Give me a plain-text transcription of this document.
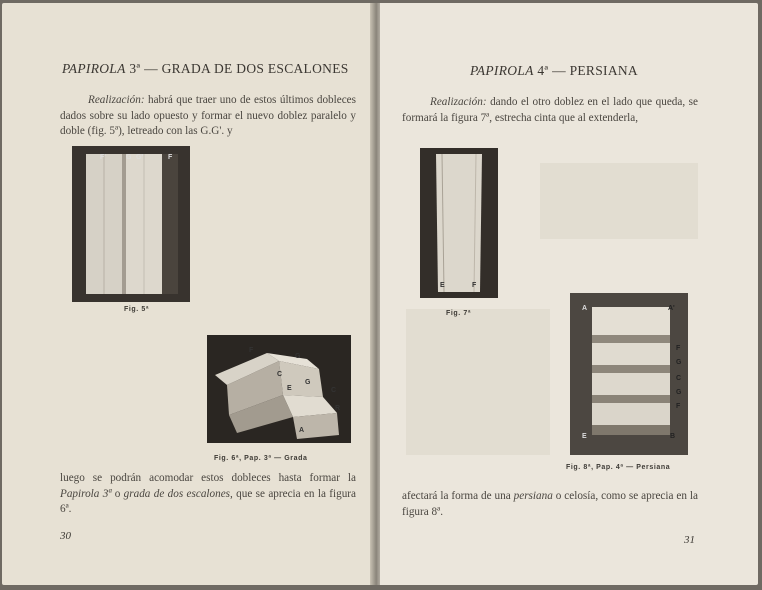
PAPIROLA 3ª — GRADA DE DOS ESCALONES
Realización: habrá que traer uno de estos últimos dobleces dados sobre su lado opuesto y formar el nuevo doblez paralelo y doble (fig. 5ª), letreado con las G.G'. y
F'	G G'	F
Fig. 5ª
F
G
C
E
G
C
R
A
Fig. 6ª, Pap. 3ª — Grada
luego se podrán acomodar estos dobleces hasta formar la Papirola 3ª o grada de dos escalones, que se aprecia en la figura 6ª.
30
PAPIROLA 4ª — PERSIANA
Realización: dando el otro doblez en el lado que queda, se formará la figura 7ª, estrecha cinta que al extenderla,
E	F
Fig. 7ª
A	A'
F
G
C
G
F
E	B
Fig. 8ª, Pap. 4ª — Persiana
afectará la forma de una persiana o celosía, como se aprecia en la figura 8ª.
31
